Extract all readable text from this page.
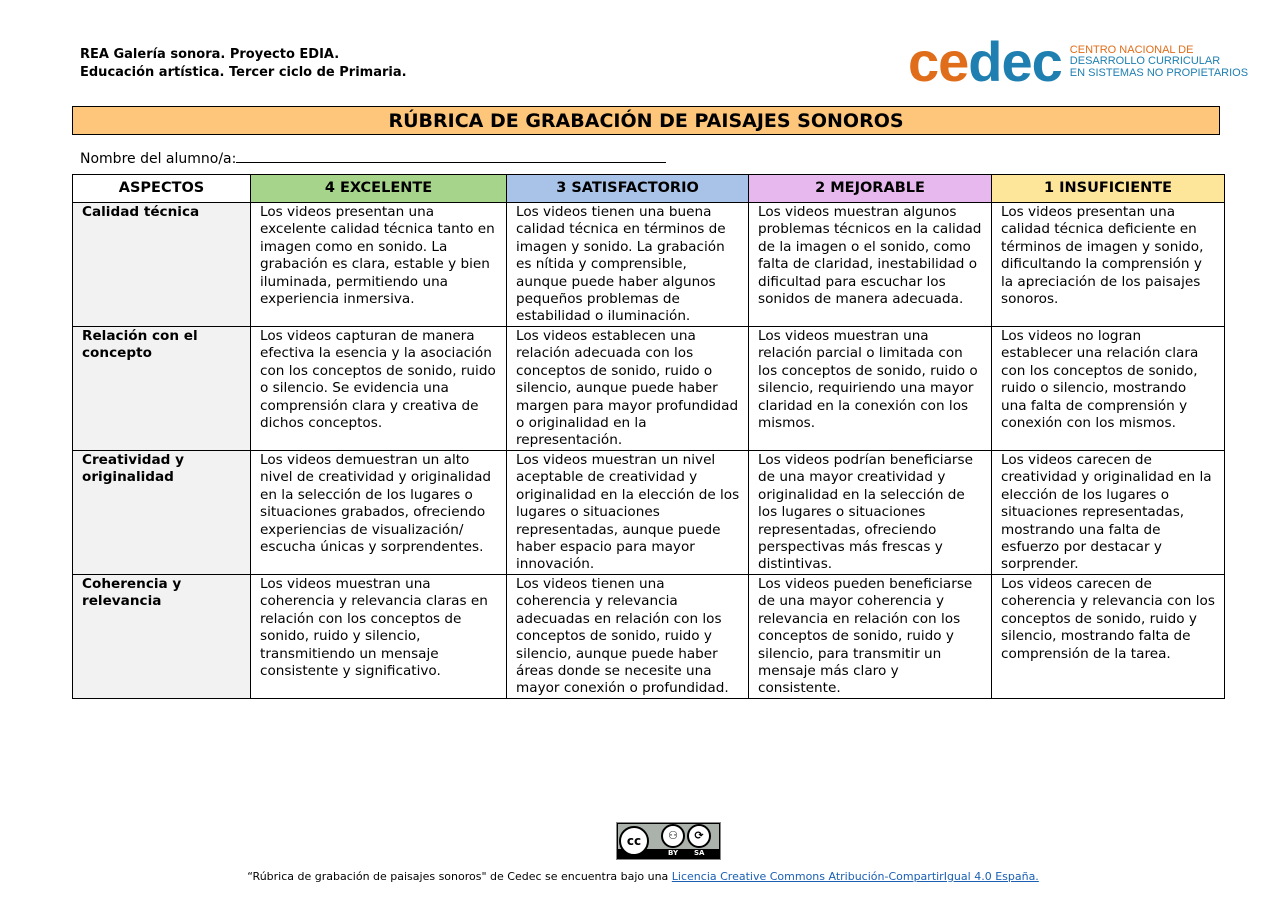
REA Galería sonora. Proyecto EDIA.
Educación artística. Tercer ciclo de Primaria.	cedec CENTRO NACIONAL DE
DESARROLLO CURRICULAR
EN SISTEMAS NO PROPIETARIOS
RÚBRICA DE GRABACIÓN DE PAISAJES SONOROS
Nombre del alumno/a:
ASPECTOS	4 EXCELENTE	3 SATISFACTORIO	2 MEJORABLE	1 INSUFICIENTE
Calidad técnica	Los videos presentan una excelente calidad técnica tanto en imagen como en sonido. La grabación es clara, estable y bien iluminada, permitiendo una experiencia inmersiva.	Los videos tienen una buena calidad técnica en términos de imagen y sonido. La grabación es nítida y comprensible, aunque puede haber algunos pequeños problemas de estabilidad o iluminación.	Los videos muestran algunos problemas técnicos en la calidad de la imagen o el sonido, como falta de claridad, inestabilidad o dificultad para escuchar los sonidos de manera adecuada.	Los videos presentan una calidad técnica deficiente en términos de imagen y sonido, dificultando la comprensión y la apreciación de los paisajes sonoros.
Relación con el concepto	Los videos capturan de manera efectiva la esencia y la asociación con los conceptos de sonido, ruido o silencio. Se evidencia una comprensión clara y creativa de dichos conceptos.	Los videos establecen una relación adecuada con los conceptos de sonido, ruido o silencio, aunque puede haber margen para mayor profundidad o originalidad en la representación.	Los videos muestran una relación parcial o limitada con los conceptos de sonido, ruido o silencio, requiriendo una mayor claridad en la conexión con los mismos.	Los videos no logran establecer una relación clara con los conceptos de sonido, ruido o silencio, mostrando una falta de comprensión y conexión con los mismos.
Creatividad y originalidad	Los videos demuestran un alto nivel de creatividad y originalidad en la selección de los lugares o situaciones grabados, ofreciendo experiencias de visualización/ escucha únicas y sorprendentes.	Los videos muestran un nivel aceptable de creatividad y originalidad en la elección de los lugares o situaciones representadas, aunque puede haber espacio para mayor innovación.	Los videos podrían beneficiarse de una mayor creatividad y originalidad en la selección de los lugares o situaciones representadas, ofreciendo perspectivas más frescas y distintivas.	Los videos carecen de creatividad y originalidad en la elección de los lugares o situaciones representadas, mostrando una falta de esfuerzo por destacar y sorprender.
Coherencia y relevancia	Los videos muestran una coherencia y relevancia claras en relación con los conceptos de sonido, ruido y silencio, transmitiendo un mensaje consistente y significativo.	Los videos tienen una coherencia y relevancia adecuadas en relación con los conceptos de sonido, ruido y silencio, aunque puede haber áreas donde se necesite una mayor conexión o profundidad.	Los videos pueden beneficiarse de una mayor coherencia y relevancia en relación con los conceptos de sonido, ruido y silencio, para transmitir un mensaje más claro y consistente.	Los videos carecen de coherencia y relevancia con los conceptos de sonido, ruido y silencio, mostrando falta de comprensión de la tarea.
cc	⚇	⟳
BY SA
“Rúbrica de grabación de paisajes sonoros" de Cedec se encuentra bajo una Licencia Creative Commons Atribución-CompartirIgual 4.0 España.
